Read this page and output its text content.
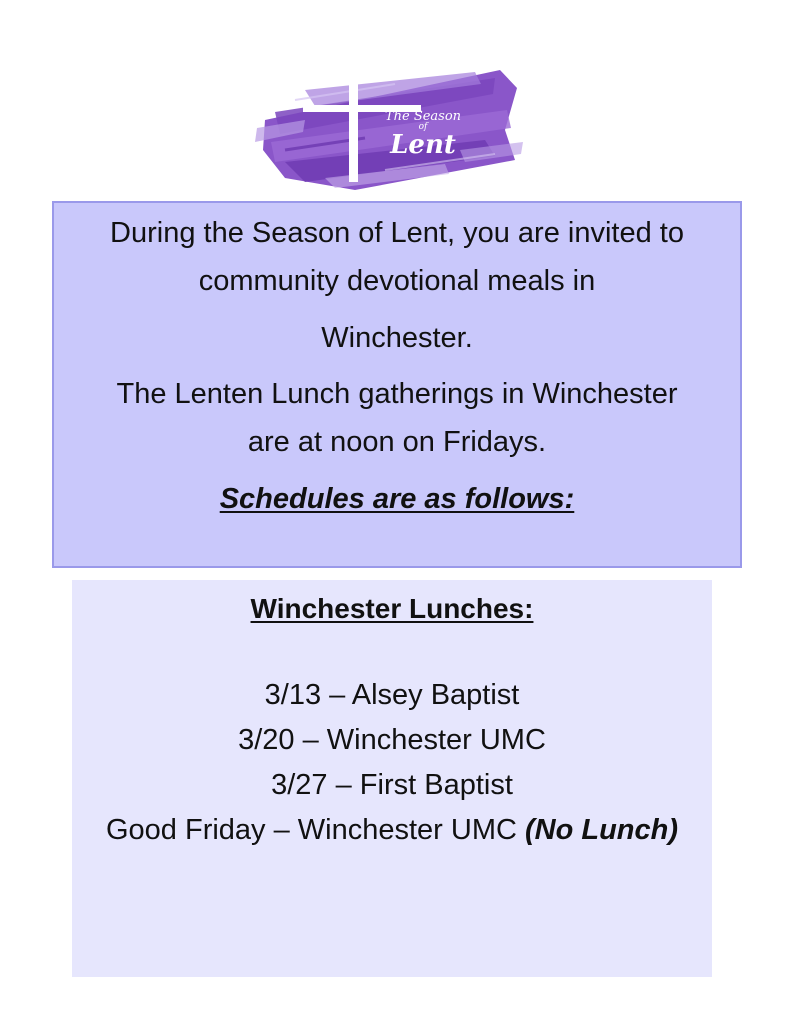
The Season
of
Lent
During the Season of Lent, you are invited to
community devotional meals in
Winchester.
The Lenten Lunch gatherings in Winchester
are at noon on Fridays.
Schedules are as follows:
Winchester Lunches:
3/13 – Alsey Baptist
3/20 – Winchester UMC
3/27 – First Baptist
Good Friday – Winchester UMC (No Lunch)
